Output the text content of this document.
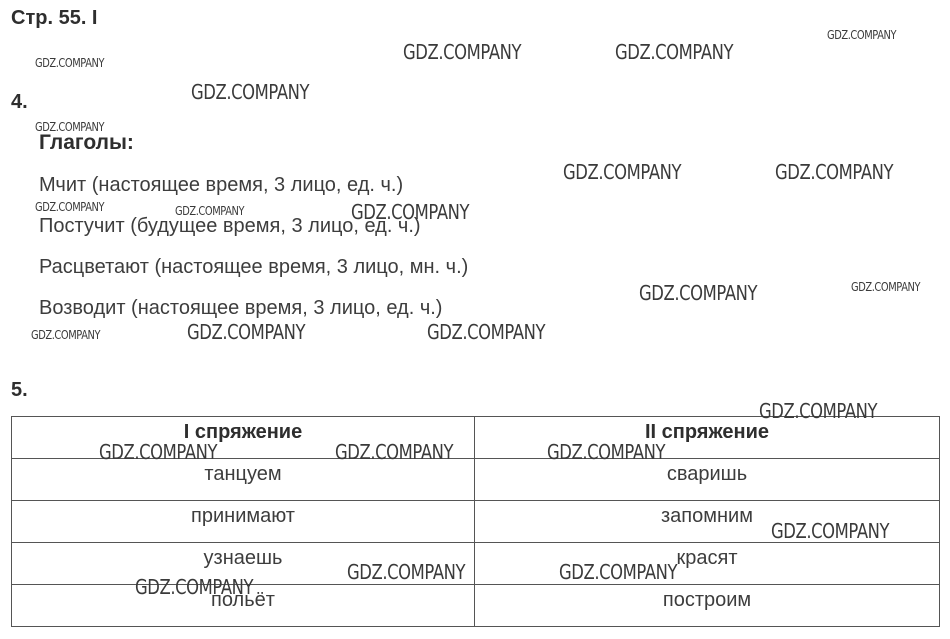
Стр. 55. I
4.
Глаголы:
Мчит (настоящее время, 3 лицо, ед. ч.)
Постучит (будущее время, 3 лицо, ед. ч.)
Расцветают (настоящее время, 3 лицо, мн. ч.)
Возводит (настоящее время, 3 лицо, ед. ч.)
5.
I спряжение	II спряжение
танцуем	сваришь
принимают	запомним
узнаешь	красят
польёт	построим
GDZ.COMPANY	GDZ.COMPANY
GDZ.COMPANY
GDZ.COMPANY
GDZ.COMPANY
GDZ.COMPANY
GDZ.COMPANY	GDZ.COMPANY
GDZ.COMPANY	GDZ.COMPANY	GDZ.COMPANY
GDZ.COMPANY	GDZ.COMPANY
GDZ.COMPANY	GDZ.COMPANY	GDZ.COMPANY
GDZ.COMPANY
GDZ.COMPANY	GDZ.COMPANY	GDZ.COMPANY
GDZ.COMPANY
GDZ.COMPANY	GDZ.COMPANY
GDZ.COMPANY
